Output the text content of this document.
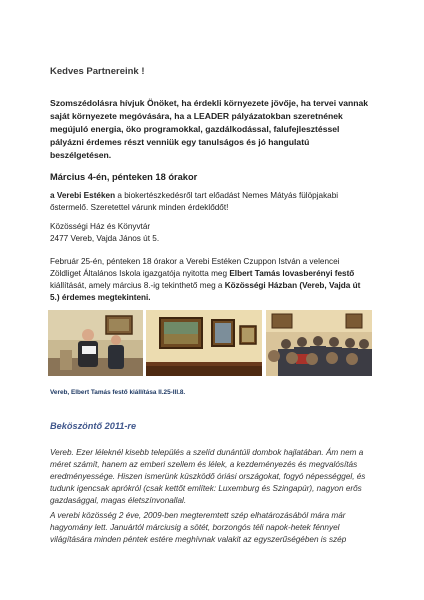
Kedves Partnereink !

Szomszédolásra hívjuk Önöket, ha érdekli környezete jövője, ha tervei vannak saját környezete megóvására, ha a LEADER pályázatokban szeretnének megújuló energia, öko programokkal, gazdálkodással, falufejlesztéssel pályázni érdemes részt venniük egy tanulságos és jó hangulatú beszélgetésen.

Március 4-én, pénteken 18 órakor

a Verebi Estéken a biokertészkedésről tart előadást Nemes Mátyás fülöpjakabi őstermelő. Szeretettel várunk minden érdeklődőt!

Közösségi Ház és Könyvtár
2477 Vereb, Vajda János út 5.

Február 25-én, pénteken 18 órakor a Verebi Estéken Czuppon István a velencei Zöldliget Általános Iskola igazgatója nyitotta meg Elbert Tamás lovasberényi festő kiállítását, amely március 8.-ig tekinthető meg a Közösségi Házban (Vereb, Vajda út 5.) érdemes megtekinteni.

Vereb, Elbert Tamás festő kiállítása II.25-III.8.

Beköszöntő 2011-re

Vereb. Ezer léleknél kisebb település a szelíd dunántúli dombok hajlatában. Ám nem a méret számít, hanem az emberi szellem és lélek, a kezdeményezés és megvalósítás eredményessége. Hiszen ismerünk küszködő óriási országokat, fogyó népességgel, és tudunk igencsak aprókról (csak kettőt említek: Luxemburg és Szingapúr), nagyon erős gazdasággal, magas életszínvonallal.

A verebi közösség 2 éve, 2009-ben megteremtett szép elhatározásából mára már hagyomány lett. Januártól márciusig a sötét, borzongós téli napok-hetek fénnyel világítására minden péntek estére meghívnak valakit az egyszerűségében is szép
